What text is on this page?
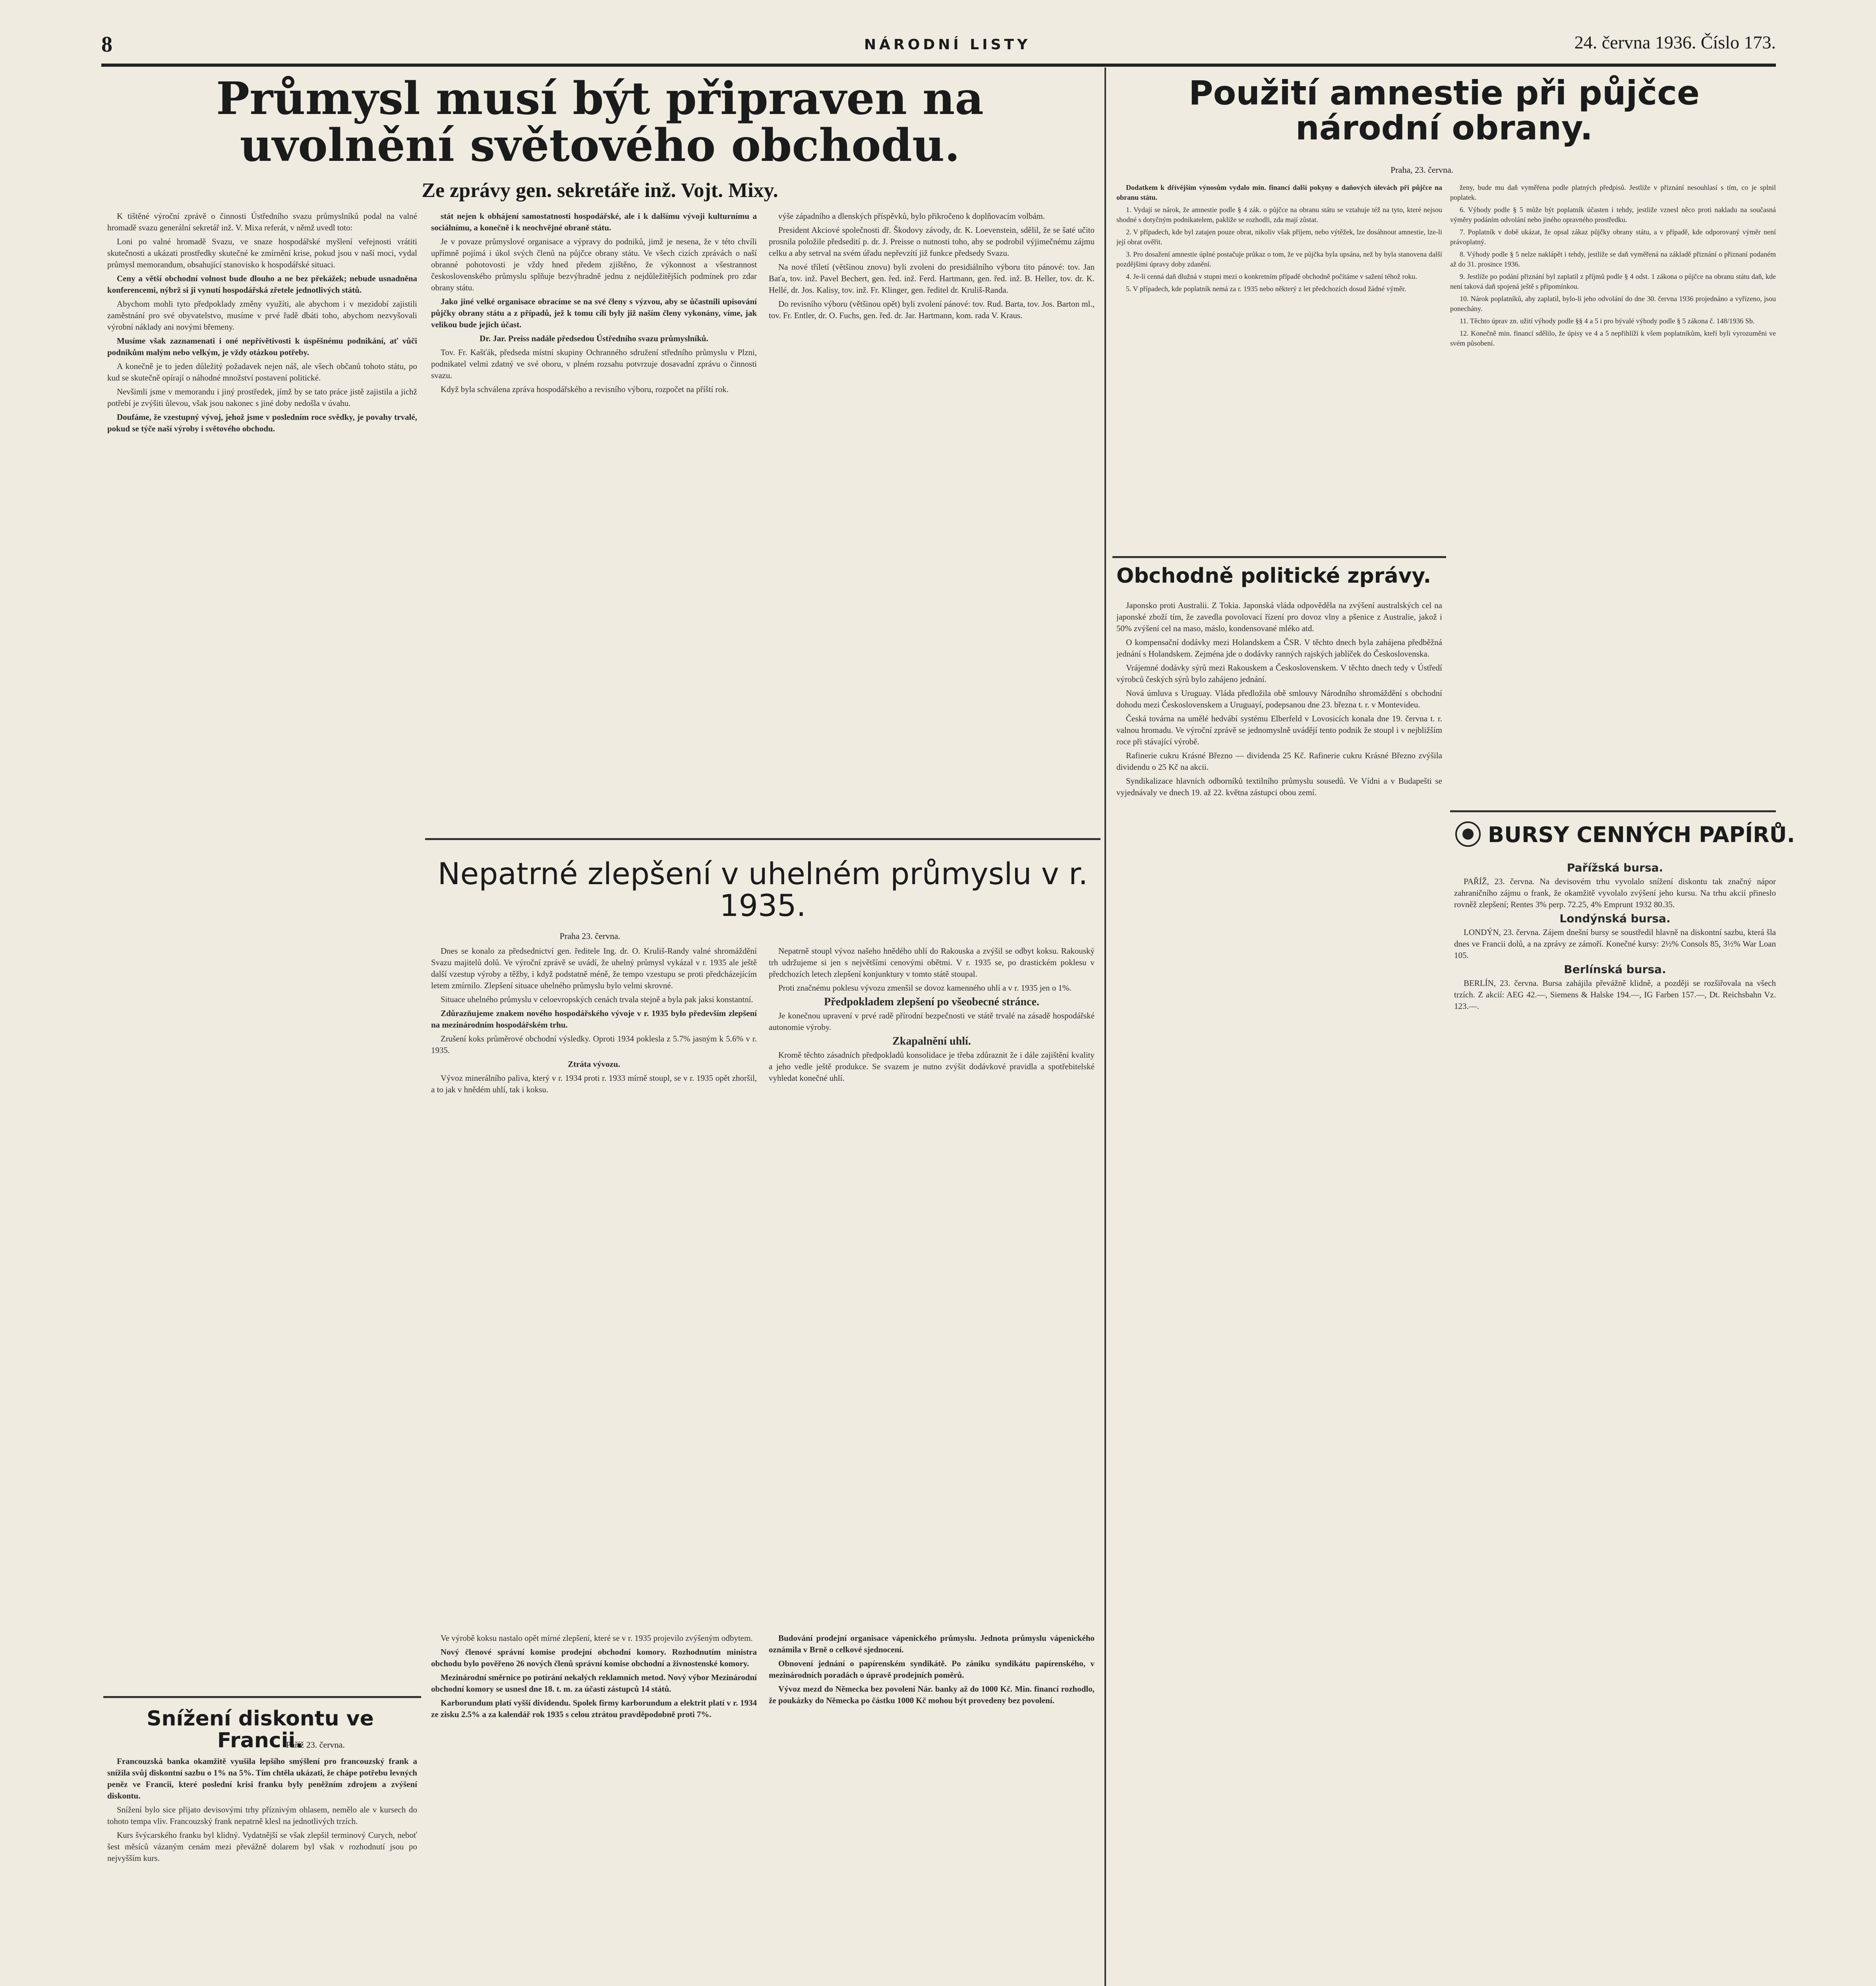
8	NÁRODNÍ LISTY	24. června 1936. Číslo 173.
Průmysl musí být připraven na uvolnění světového obchodu.
Ze zprávy gen. sekretáře inž. Vojt. Mixy.

K tištěné výroční zprávě o činnosti Ústředního svazu průmyslníků podal na valné hromadě svazu generální sekretář inž. V. Mixa referát, v němž uvedl toto:

Loni po valné hromadě Svazu, ve snaze hospodářské myšlení veřejnosti vrátiti skutečnosti a ukázati prostředky skutečné ke zmírnění krise, pokud jsou v naší moci, vydal průmysl memorandum, obsahující stanovisko k hospodářské situaci.

Ceny a větší obchodní volnost bude dlouho a ne bez překážek; nebude usnadněna konferencemi, nýbrž si ji vynutí hospodářská zřetele jednotlivých států.

Abychom mohli tyto předpoklady změny využíti, ale abychom i v mezidobí zajistili zaměstnání pro své obyvatelstvo, musíme v prvé řadě dbáti toho, abychom nezvyšovali výrobní náklady ani novými břemeny.

Musíme však zaznamenati i oné nepřívětivosti k úspěšnému podnikání, ať vůči podnikům malým nebo velkým, je vždy otázkou potřeby.

A konečně je to jeden důležitý požadavek nejen náš, ale všech občanů tohoto státu, po kud se skutečně opírají o náhodné množství postavení politické.

Nevšimli jsme v memorandu i jiný prostředek, jímž by se tato práce jistě zajistila a jichž potřebí je zvýšiti ůlevou, však jsou nakonec s jiné doby nedošla v úvahu.

Doufáme, že vzestupný vývoj, jehož jsme v posledním roce svědky, je povahy trvalé, pokud se týče naší výroby i světového obchodu.

stát nejen k obhájení samostatnosti hospodářské, ale i k dalšímu vývoji kulturnímu a sociálnímu, a konečně i k neochvějné obraně státu.

Je v povaze průmyslové organisace a výpravy do podniků, jimž je nesena, že v této chvíli upřímně pojímá i úkol svých členů na půjčce obrany státu. Ve všech cizích zprávách o naší obranné pohotovosti je vždy hned předem zjištěno, že výkonnost a všestrannost československého průmyslu splňuje bezvýhradně jednu z nejdůležitějších podmínek pro zdar obrany státu.

Jako jiné velké organisace obracíme se na své členy s výzvou, aby se ůčastnili upisování půjčky obrany státu a z případů, jež k tomu cíli byly již naším členy vykonány, víme, jak velikou bude jejich účast.

Dr. Jar. Preiss nadále předsedou Ústředního svazu průmyslníků.

Tov. Fr. Kašťák, předseda místní skupiny Ochranného sdružení středního průmyslu v Plzni, podnikatel velmi zdatný ve své oboru, v plném rozsahu potvrzuje dosavadní zprávu o činnosti svazu.

Když byla schválena zpráva hospodářského a revisního výboru, rozpočet na příští rok.

výše západního a dlenských příspěvků, bylo přikročeno k doplňovacím volbám.

President Akciové společnosti dř. Škodovy závody, dr. K. Loevenstein, sdělil, že se šaté učito prosnila položile předsedití p. dr. J. Preisse o nutnosti toho, aby se podrobil výjimečnému zájmu celku a aby setrval na svém úřadu nepřevzítí již funkce předsedy Svazu.

Na nové tříletí (většinou znovu) byli zvoleni do presidiálního výboru tito pánové: tov. Jan Baťa, tov. inž. Pavel Bechert, gen. řed. inž. Ferd. Hartmann, gen. řed. inž. B. Heller, tov. dr. K. Hellé, dr. Jos. Kalisy, tov. inž. Fr. Klinger, gen. ředitel dr. Kruliš-Randa.

Do revisního výboru (většinou opět) byli zvolení pánové: tov. Rud. Barta, tov. Jos. Barton ml., tov. Fr. Entler, dr. O. Fuchs, gen. řed. dr. Jar. Hartmann, kom. rada V. Kraus.

Nepatrné zlepšení v uhelném průmyslu v r. 1935.
Praha 23. června.

Dnes se konalo za předsednictví gen. ředitele Ing. dr. O. Kruliš-Randy valné shromáždění Svazu majitelů dolů. Ve výroční zprávě se uvádí, že uhelný průmysl vykázal v r. 1935 ale ještě další vzestup výroby a těžby, i když podstatně méně, že tempo vzestupu se proti předcházejícím letem zmírnilo. Zlepšení situace uhelného průmyslu bylo velmi skrovné.

Situace uhelného průmyslu v celoevropských cenách trvala stejně a byla pak jaksi konstantní.

Zdůrazňujeme znakem nového hospodářského vývoje v r. 1935 bylo především zlepšení na mezinárodním hospodářském trhu.

Zrušení koks průměrové obchodní výsledky. Oproti 1934 poklesla z 5.7% jasným k 5.6% v r. 1935.

Ztráta vývozu.

Vývoz minerálního paliva, který v r. 1934 proti r. 1933 mírně stoupl, se v r. 1935 opět zhoršil, a to jak v hnědém uhlí, tak i koksu.

Nepatrně stoupl vývoz našeho hnědého uhlí do Rakouska a zvýšil se odbyt koksu. Rakouský trh udržujeme si jen s největšími cenovými obětmi. V r. 1935 se, po drastickém poklesu v předchozích letech zlepšení konjunktury v tomto státě stoupal.

Proti značnému poklesu vývozu zmenšil se dovoz kamenného uhlí a v r. 1935 jen o 1%.

Předpokladem zlepšení po všeobecné stránce.

Je konečnou upravení v prvé radě přírodní bezpečnosti ve státě trvalé na zásadě hospodářské autonomie výroby.

Zkapalnění uhlí.

Kromě těchto zásadních předpokladů konsolidace je třeba zdůraznit že i dále zajištění kvality a jeho vedle ještě produkce. Se svazem je nutno zvýšit dodávkové pravidla a spotřebitelské vyhledat konečné uhlí.

Ve výrobě koksu nastalo opět mírné zlepšení, které se v r. 1935 projevilo zvýšeným odbytem.

Nový členové správní komise prodejní obchodní komory. Rozhodnutím ministra obchodu bylo pověřeno 26 nových členů správní komise obchodní a živnostenské komory.

Mezinárodní směrnice po potírání nekalých reklamních metod. Nový výbor Mezinárodní obchodní komory se usnesl dne 18. t. m. za účasti zástupců 14 států.

Karborundum platí vyšší dividendu. Spolek firmy karborundum a elektrit platí v r. 1934 ze zisku 2.5% a za kalendář rok 1935 s celou ztrátou pravděpodobně proti 7%.

Budování prodejní organisace vápenického průmyslu. Jednota průmyslu vápenického oznámila v Brně o celkové sjednocení.

Obnovení jednání o papírenském syndikátě. Po zániku syndikátu papírenského, v mezinárodních poradách o úpravě prodejních poměrů.

Vývoz mezd do Německa bez povolení Nár. banky až do 1000 Kč. Min. financí rozhodlo, že poukázky do Německa po částku 1000 Kč mohou být provedeny bez povolení.

Snížení diskontu ve Francii.
Paříž 23. června.

Francouzská banka okamžitě vyušila lepšího smýšlení pro francouzský frank a snížila svůj diskontní sazbu o 1% na 5%. Tím chtěla ukázati, že chápe potřebu levných peněz ve Francii, které poslední krisi franku byly peněžním zdrojem a zvýšení diskontu.

Snížení bylo sice přijato devisovými trhy příznivým ohlasem, nemělo ale v kursech do tohoto tempa vliv. Francouzský frank nepatrně klesl na jednotlivých trzích.

Kurs švýcarského franku byl klidný. Vydatnější se však zlepšil terminový Curych, neboť šest měsíců vázaným cenám mezi převážně dolarem byl však v rozhodnutí jsou po nejvyšším kurs.

Použití amnestie při půjčce národní obrany.
Praha, 23. června.

Dodatkem k dřívějším výnosům vydalo min. financí další pokyny o daňových úlevách při půjčce na obranu státu.

1. Vydají se nárok, že amnestie podle § 4 zák. o půjčce na obranu státu se vztahuje též na tyto, které nejsou shodné s dotyčným podnikatelem, pakliže se rozhodli, zda mají zůstat.

2. V případech, kde byl zatajen pouze obrat, nikoliv však příjem, nebo výtěžek, lze dosáhnout amnestie, lze-li její obrat ověřit.

3. Pro dosažení amnestie úplné postačuje průkaz o tom, že ve půjčka byla upsána, než by byla stanovena další pozdějšími úpravy doby zdanění.

4. Je-li cenná daň dlužná v stupni mezi o konkretním případě obchodně počítáme v sažení téhož roku.

5. V případech, kde poplatník nemá za r. 1935 nebo některý z let předchozích dosud žádné výměr.

ženy, bude mu daň vyměřena podle platných předpisů. Jestliže v přiznání nesouhlasí s tím, co je splnil poplatek.

6. Výhody podle § 5 může být poplatník účasten i tehdy, jestliže vznesl něco proti nakladu na současná výměry podáním odvolání nebo jiného opravného prostředku.

7. Poplatník v době ukázat, že opsal zákaz půjčky obrany státu, a v případě, kde odporovaný výměr není právoplatný.

8. Výhody podle § 5 nelze naklápět i tehdy, jestliže se daň vyměřená na základě přiznání o přiznaní podaném až do 31. prosince 1936.

9. Jestliže po podání přiznání byl zaplatil z příjmů podle § 4 odst. 1 zákona o půjčce na obranu státu daň, kde není taková daň spojená ještě s připomínkou.

10. Nárok poplatníků, aby zaplatil, bylo-li jeho odvolání do dne 30. června 1936 projednáno a vyřízeno, jsou ponechány.

11. Těchto úprav zn. užití výhody podle §§ 4 a 5 i pro bývalé výhody podle § 5 zákona č. 148/1936 Sb.

12. Konečně min. financí sdělilo, že úpisy ve 4 a 5 nepřihlíží k všem poplatníkům, kteří byli vyrozuměni ve svém působení.

Obchodně politické zprávy.

Japonsko proti Australii. Z Tokia. Japonská vláda odpověděla na zvýšení australských cel na japonské zboží tím, že zavedla povolovací řízení pro dovoz vlny a pšenice z Australie, jakož i 50% zvýšení cel na maso, máslo, kondensované mléko atd.

O kompensační dodávky mezi Holandskem a ČSR. V těchto dnech byla zahájena předběžná jednání s Holandskem. Zejména jde o dodávky ranných rajských jablíček do Československa.

Vrájemné dodávky sýrů mezi Rakouskem a Československem. V těchto dnech tedy v Ústředí výrobců českých sýrů bylo zahájeno jednání.

Nová úmluva s Uruguay. Vláda předložila obě smlouvy Národního shromáždění s obchodní dohodu mezi Československem a Uruguayí, podepsanou dne 23. března t. r. v Montevideu.

Česká továrna na umělé hedvábí systému Elberfeld v Lovosicích konala dne 19. června t. r. valnou hromadu. Ve výroční zprávě se jednomyslně uvádějí tento podnik že stoupl i v nejbližším roce při stávající výrobě.

Rafinerie cukru Krásné Březno — dividenda 25 Kč. Rafinerie cukru Krásné Březno zvýšila dividendu o 25 Kč na akcii.

Syndikalizace hlavních odborníků textilního průmyslu sousedů. Ve Vídni a v Budapešti se vyjednávaly ve dnech 19. až 22. května zástupci obou zemí.

BURSY CENNÝCH PAPÍRŮ.

Pařížská bursa.

PAŘÍŽ, 23. června. Na devisovém trhu vyvolalo snížení diskontu tak značný nápor zahraničního zájmu o frank, že okamžitě vyvolalo zvýšení jeho kursu. Na trhu akcií přineslo rovněž zlepšení; Rentes 3% perp. 72.25, 4% Emprunt 1932 80.35.

Londýnská bursa.

LONDÝN, 23. června. Zájem dnešní bursy se soustředil hlavně na diskontní sazbu, která šla dnes ve Francii dolů, a na zprávy ze zámoří. Konečné kursy: 2½% Consols 85, 3½% War Loan 105.

Berlínská bursa.

BERLÍN, 23. června. Bursa zahájila převážně klidně, a později se rozšiřovala na všech trzích. Z akcií: AEG 42.—, Siemens & Halske 194.—, IG Farben 157.—, Dt. Reichsbahn Vz. 123.—.
